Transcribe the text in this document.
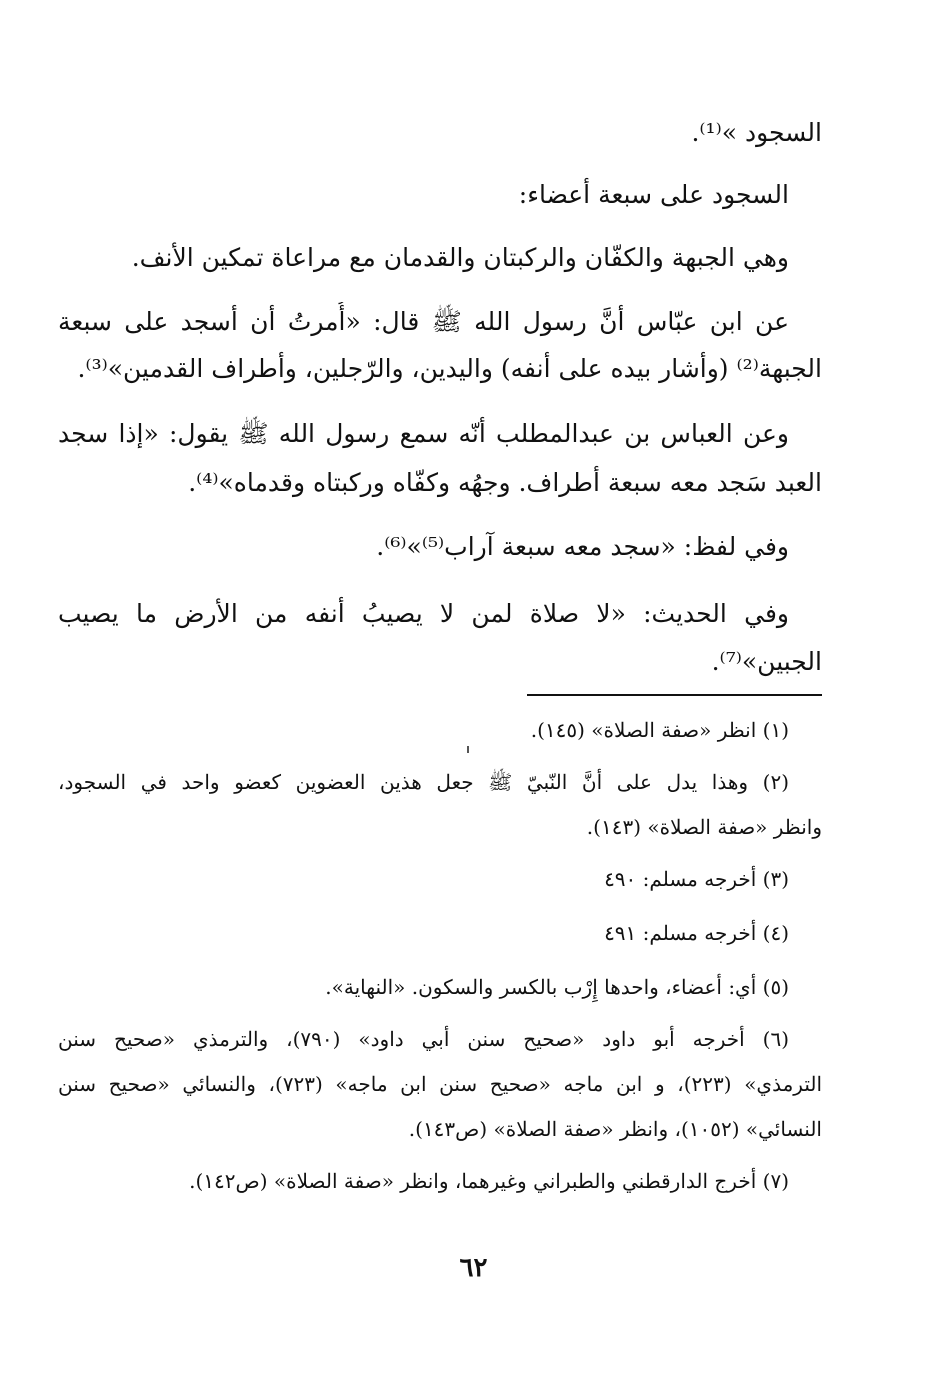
السجود »⁽¹⁾.
السجود على سبعة أعضاء:
وهي الجبهة والكفّان والركبتان والقدمان مع مراعاة تمكين الأنف.
عن ابن عبّاس أنَّ رسول الله ﷺ قال: «أُمرتُ أن أسجد على سبعة
الجبهة⁽²⁾ (وأشار بيده على أنفه) واليدين، والرّجلين، وأطراف القدمين»⁽³⁾.
وعن العباس بن عبدالمطلب أنّه سمع رسول الله ﷺ يقول: «إذا سجد
العبد سَجد معه سبعة أطراف. وجهُه وكفّاه وركبتاه وقدماه»⁽⁴⁾.
وفي لفظ: «سجد معه سبعة آراب⁽⁵⁾»⁽⁶⁾.
وفي الحديث: «لا صلاة لمن لا يصيبُ أنفه من الأرض ما يصيب
الجبين»⁽⁷⁾.
(١) انظر «صفة الصلاة» (١٤٥).
(٢) وهذا يدل على أنَّ النّبيّ ﷺ جعل هذين العضوين كعضو واحد في السجود،
وانظر «صفة الصلاة» (١٤٣).
(٣) أخرجه مسلم: ٤٩٠
(٤) أخرجه مسلم: ٤٩١
(٥) أي: أعضاء، واحدها إِرْب بالكسر والسكون. «النهاية».
(٦) أخرجه أبو داود «صحيح سنن أبي داود» (٧٩٠)، والترمذي «صحيح سنن
الترمذي» (٢٢٣)، و ابن ماجه «صحيح سنن ابن ماجه» (٧٢٣)، والنسائي «صحيح سنن
النسائي» (١٠٥٢)، وانظر «صفة الصلاة» (ص١٤٣).
(٧) أخرج الدارقطني والطبراني وغيرهما، وانظر «صفة الصلاة» (ص١٤٢).
٦٢
